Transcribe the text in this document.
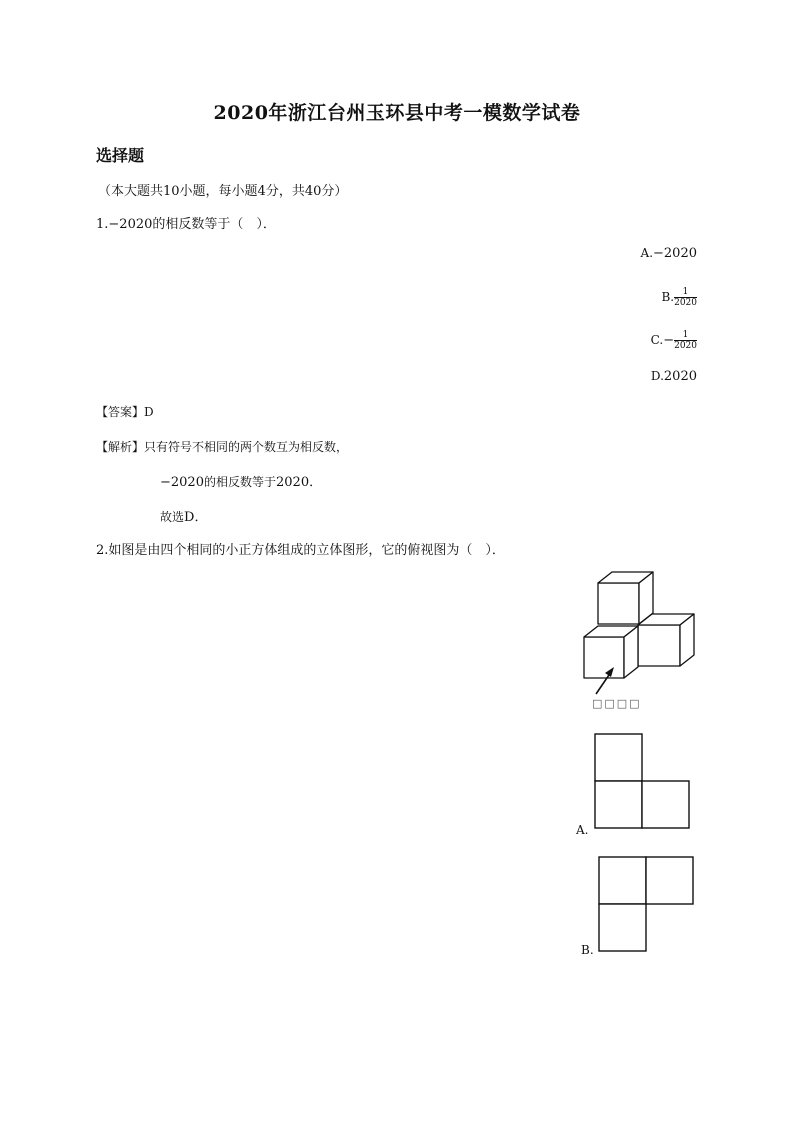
2020年浙江台州玉环县中考一模数学试卷
选择题
（本大题共10小题，每小题4分，共40分）
1.−2020的相反数等于（　）．
A.−2020
B. $\frac{1}{2020}$
$C.- \frac{1}{2020}$
D.2020
【答案】D
【解析】只有符号不相同的两个数互为相反数，
−2020的相反数等于2020．
故选D．
2.如图是由四个相同的小正方体组成的立体图形，它的俯视图为（　）．
□□□□
A.
B.
